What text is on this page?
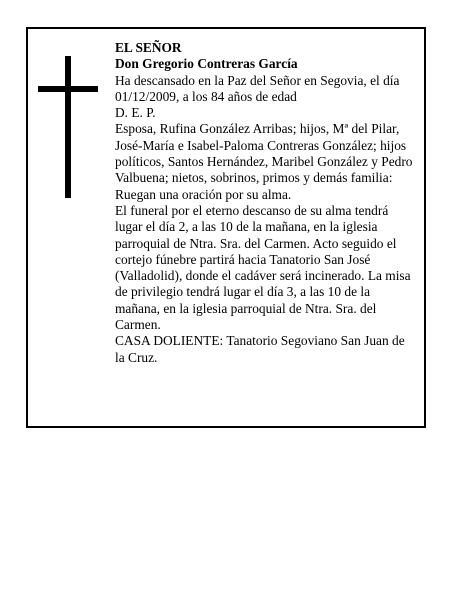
EL SEÑOR
Don Gregorio Contreras García
Ha descansado en la Paz del Señor en Segovia, el día
01/12/2009, a los 84 años de edad
D. E. P.
Esposa, Rufina González Arribas; hijos, Mª del Pilar,
José-María e Isabel-Paloma Contreras González; hijos
políticos, Santos Hernández, Maribel González y Pedro
Valbuena; nietos, sobrinos, primos y demás familia:
Ruegan una oración por su alma.
El funeral por el eterno descanso de su alma tendrá
lugar el día 2, a las 10 de la mañana, en la iglesia
parroquial de Ntra. Sra. del Carmen. Acto seguido el
cortejo fúnebre partirá hacia Tanatorio San José
(Valladolid), donde el cadáver será incinerado. La misa
de privilegio tendrá lugar el día 3, a las 10 de la
mañana, en la iglesia parroquial de Ntra. Sra. del
Carmen.
CASA DOLIENTE: Tanatorio Segoviano San Juan de
la Cruz.
